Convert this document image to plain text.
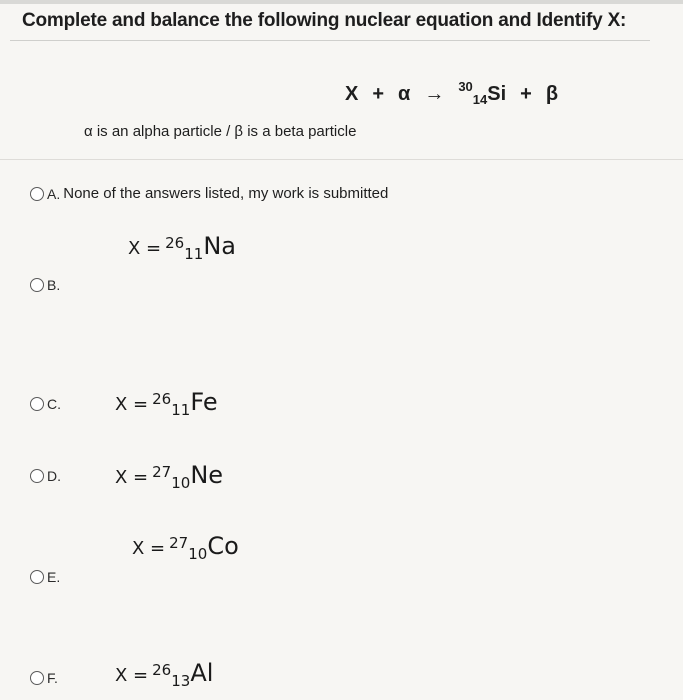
Complete and balance the following nuclear equation and Identify X:
X + α → 30
14 Si + β
α is an alpha particle / β is a beta particle
A. None of the answers listed, my work is submitted
X = 26
11 Na
B.
C.	X = 26
11 Fe
D.	X = 27
10 Ne
X = 27
10 Co
E.
F.	X = 26
13 Al
